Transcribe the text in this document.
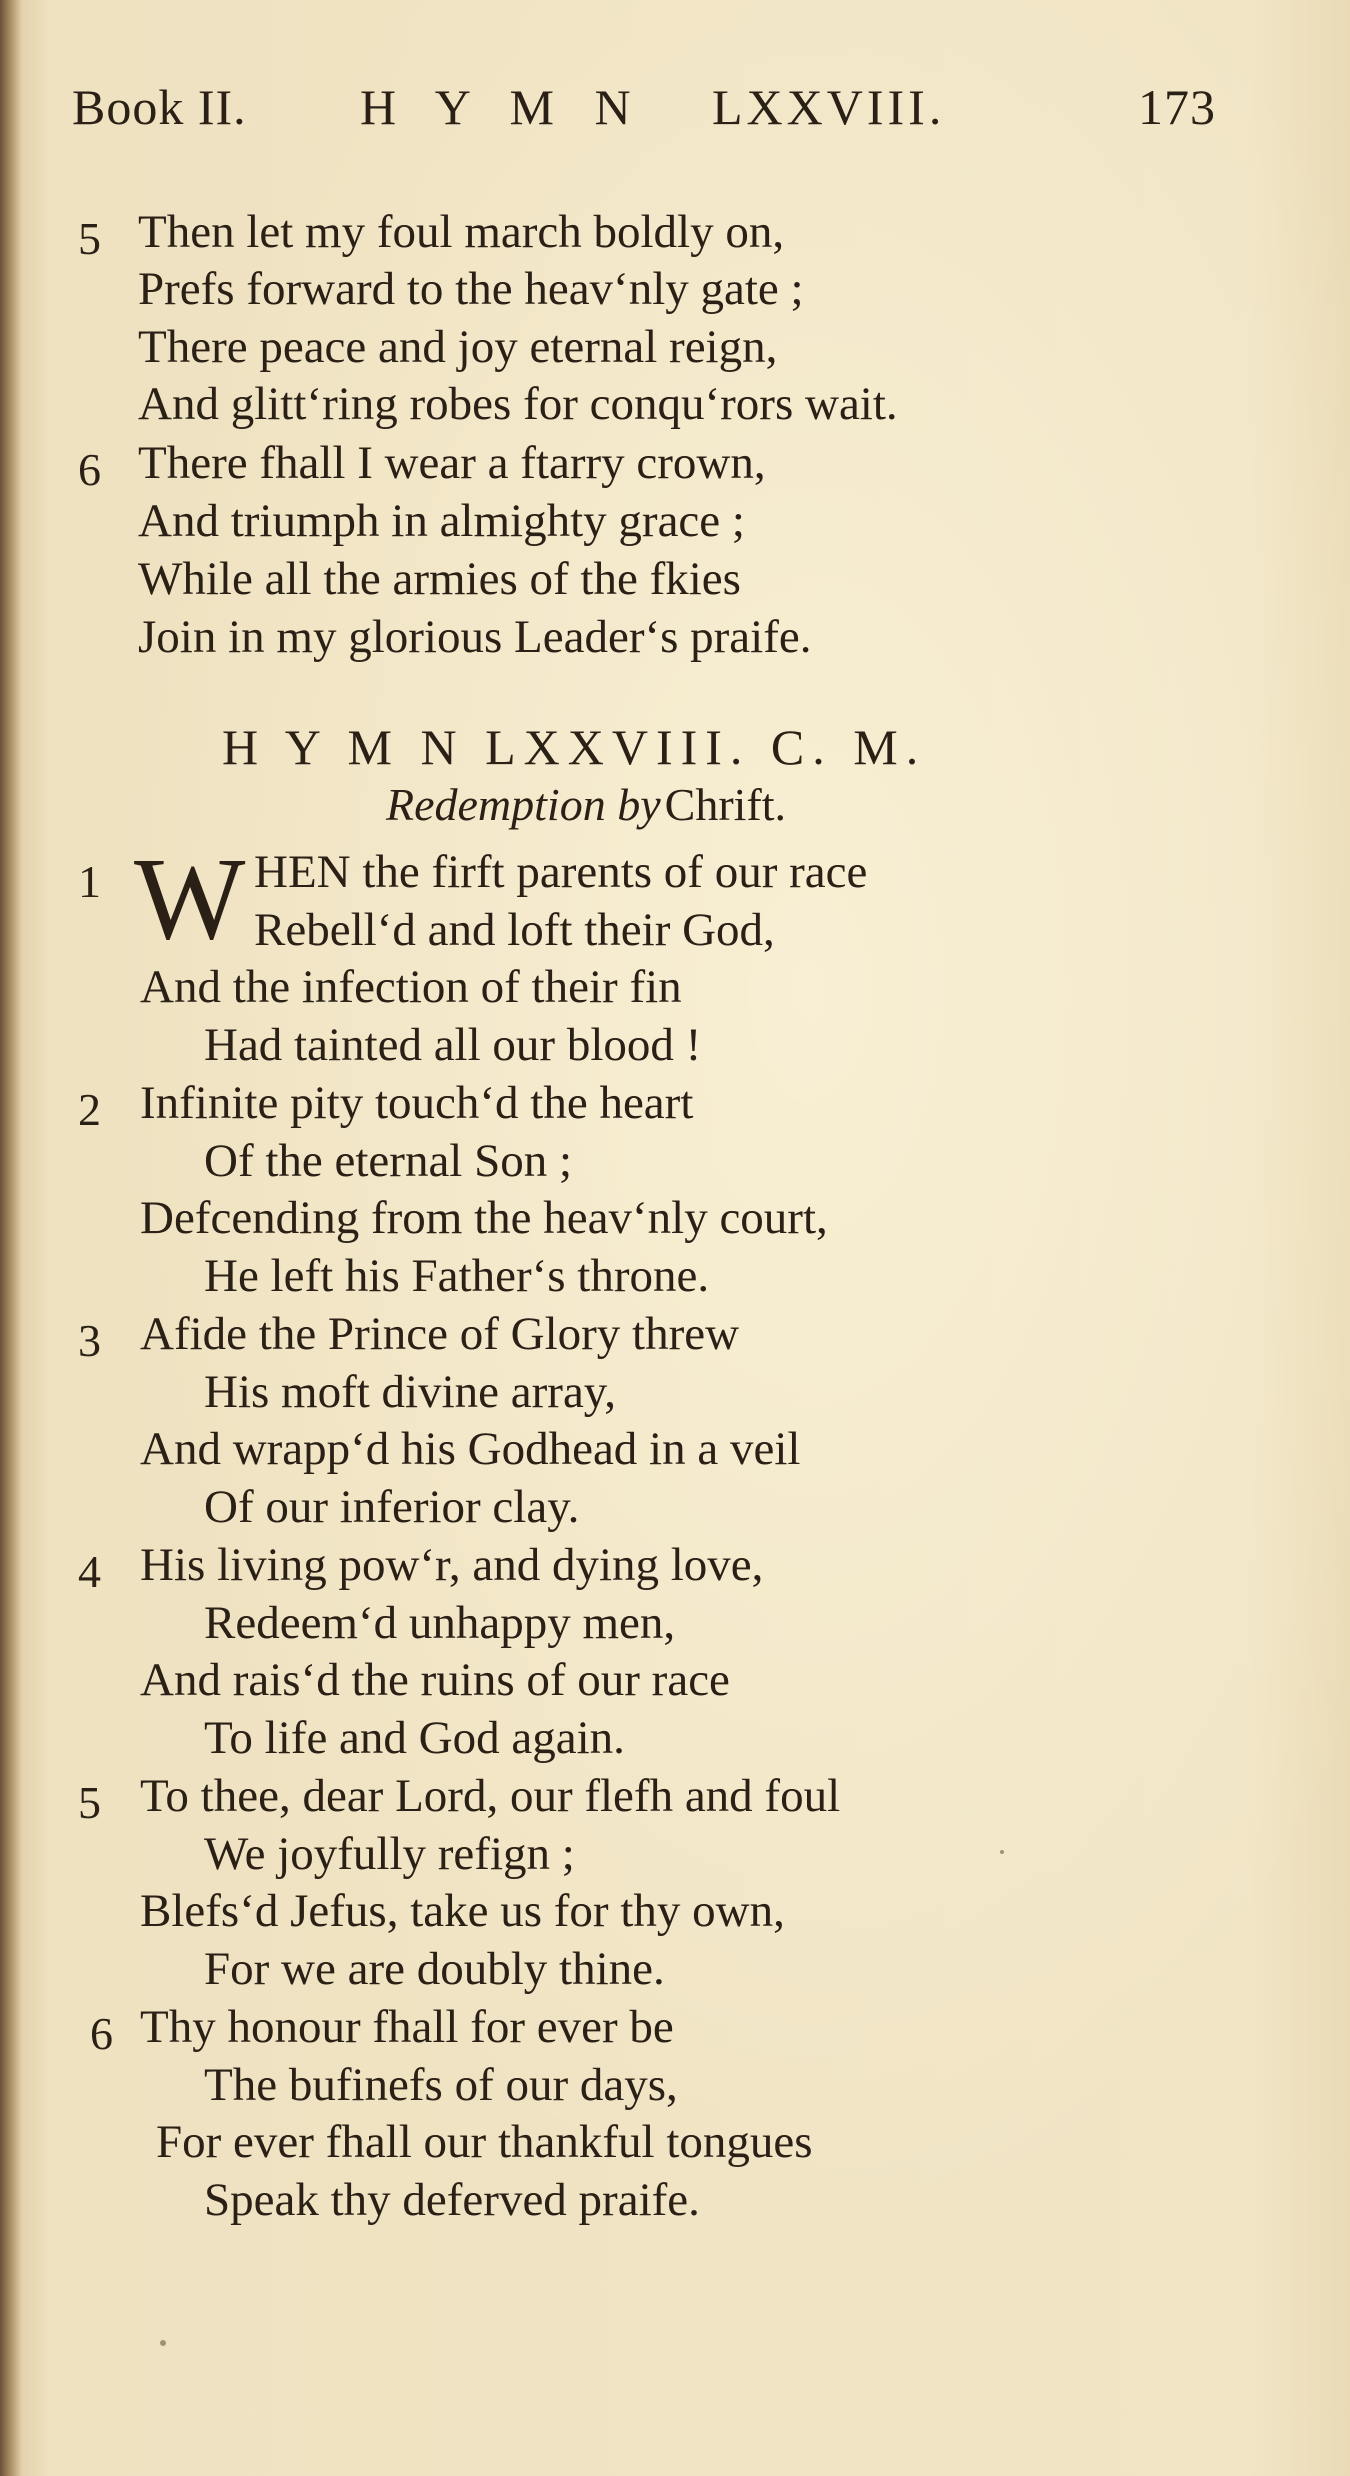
Book II. H Y M N LXXVIII.	173
5 Then let my foul march boldly on,
Prefs forward to the heav‘nly gate ;
There peace and joy eternal reign,
And glitt‘ring robes for conqu‘rors wait.
6 There fhall I wear a ftarry crown,
And triumph in almighty grace ;
While all the armies of the fkies
Join in my glorious Leader‘s praife.
H Y M N LXXVIII. C. M.
Redemption by Chrift.
1 W HEN the firft parents of our race
Rebell‘d and loft their God,
And the infection of their fin
Had tainted all our blood !
2 Infinite pity touch‘d the heart
Of the eternal Son ;
Defcending from the heav‘nly court,
He left his Father‘s throne.
3 Afide the Prince of Glory threw
His moft divine array,
And wrapp‘d his Godhead in a veil
Of our inferior clay.
4 His living pow‘r, and dying love,
Redeem‘d unhappy men,
And rais‘d the ruins of our race
To life and God again.
5 To thee, dear Lord, our flefh and foul
We joyfully refign ;
Blefs‘d Jefus, take us for thy own,
For we are doubly thine.
6 Thy honour fhall for ever be
The bufinefs of our days,
For ever fhall our thankful tongues
Speak thy deferved praife.
